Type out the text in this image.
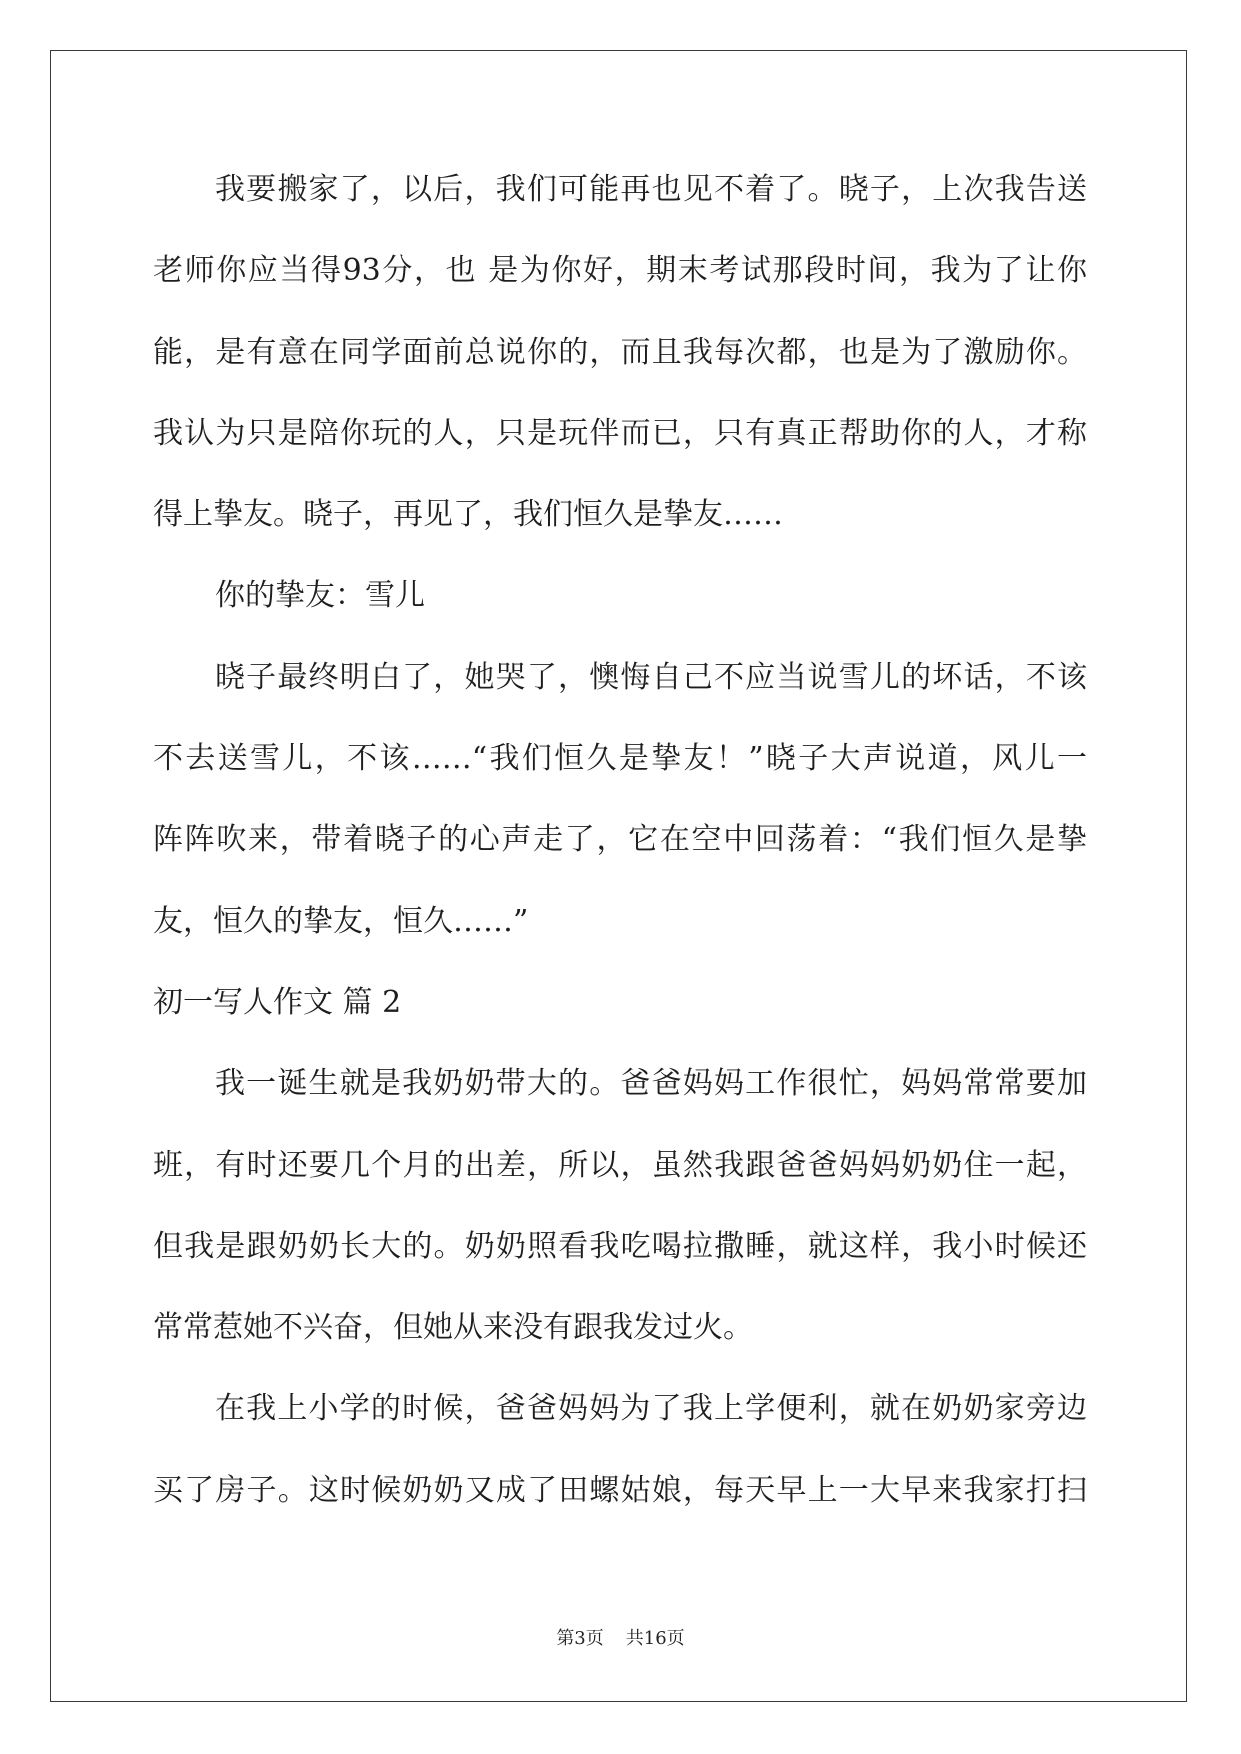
我要搬家了，以后，我们可能再也见不着了。晓子，上次我告送
老师你应当得93分，也 是为你好，期末考试那段时间，我为了让你
能，是有意在同学面前总说你的，而且我每次都，也是为了激励你。
我认为只是陪你玩的人，只是玩伴而已，只有真正帮助你的人，才称
得上挚友。晓子，再见了，我们恒久是挚友……
你的挚友：雪儿
晓子最终明白了，她哭了，懊悔自己不应当说雪儿的坏话，不该
不去送雪儿，不该……“我们恒久是挚友！”晓子大声说道，风儿一
阵阵吹来，带着晓子的心声走了，它在空中回荡着：“我们恒久是挚
友，恒久的挚友，恒久……”
初一写人作文 篇 2
我一诞生就是我奶奶带大的。爸爸妈妈工作很忙，妈妈常常要加
班，有时还要几个月的出差，所以，虽然我跟爸爸妈妈奶奶住一起，
但我是跟奶奶长大的。奶奶照看我吃喝拉撒睡，就这样，我小时候还
常常惹她不兴奋，但她从来没有跟我发过火。
在我上小学的时候，爸爸妈妈为了我上学便利，就在奶奶家旁边
买了房子。这时候奶奶又成了田螺姑娘，每天早上一大早来我家打扫
第3页 共16页
